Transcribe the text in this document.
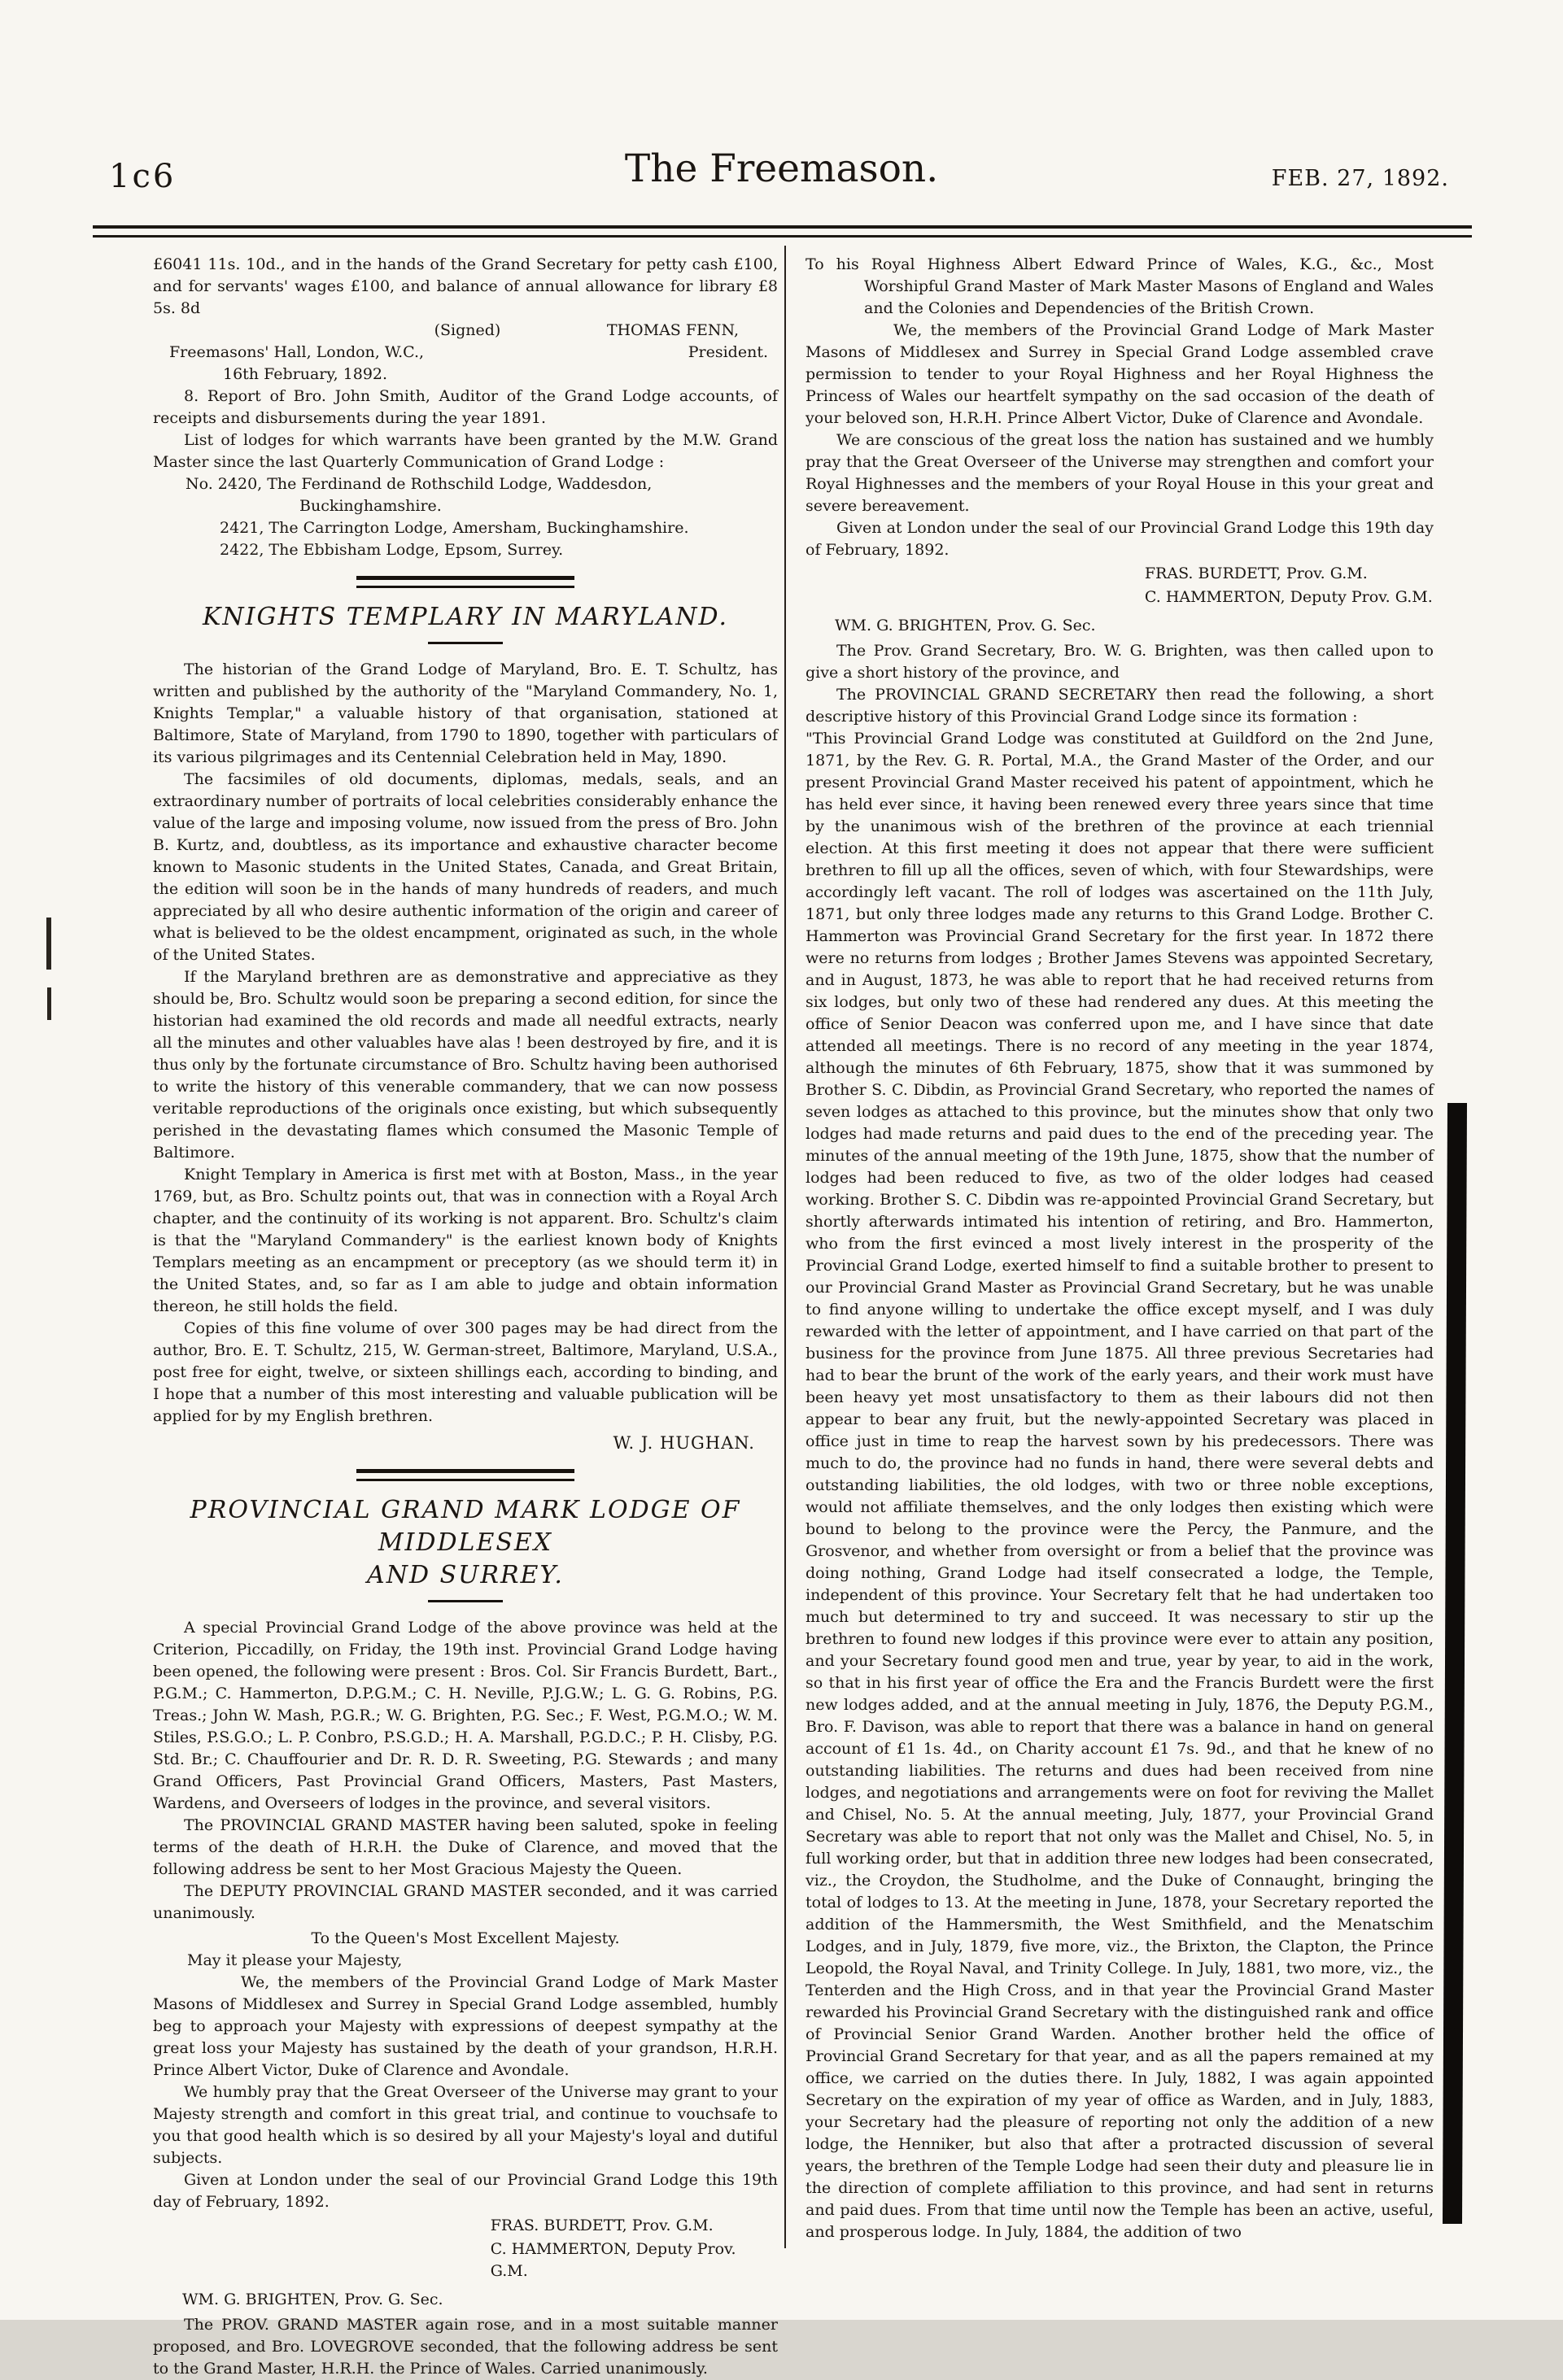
1c6	The Freemason.	FEB. 27, 1892.

£6041 11s. 10d., and in the hands of the Grand Secretary for petty cash £100, and for servants' wages £100, and balance of annual allowance for library £8 5s. 8d

(Signed)	THOMAS FENN,
Freemasons' Hall, London, W.C.,	President.

16th February, 1892.

8. Report of Bro. John Smith, Auditor of the Grand Lodge accounts, of receipts and disbursements during the year 1891.

List of lodges for which warrants have been granted by the M.W. Grand Master since the last Quarterly Communication of Grand Lodge :

No. 2420, The Ferdinand de Rothschild Lodge, Waddesdon, Buckinghamshire.

2421, The Carrington Lodge, Amersham, Buckinghamshire.

2422, The Ebbisham Lodge, Epsom, Surrey.

KNIGHTS TEMPLARY IN MARYLAND.

The historian of the Grand Lodge of Maryland, Bro. E. T. Schultz, has written and published by the authority of the "Maryland Commandery, No. 1, Knights Templar," a valuable history of that organisation, stationed at Baltimore, State of Maryland, from 1790 to 1890, together with particulars of its various pilgrimages and its Centennial Celebration held in May, 1890.

The facsimiles of old documents, diplomas, medals, seals, and an extraordinary number of portraits of local celebrities considerably enhance the value of the large and imposing volume, now issued from the press of Bro. John B. Kurtz, and, doubtless, as its importance and exhaustive character become known to Masonic students in the United States, Canada, and Great Britain, the edition will soon be in the hands of many hundreds of readers, and much appreciated by all who desire authentic information of the origin and career of what is believed to be the oldest encampment, originated as such, in the whole of the United States.

If the Maryland brethren are as demonstrative and appreciative as they should be, Bro. Schultz would soon be preparing a second edition, for since the historian had examined the old records and made all needful extracts, nearly all the minutes and other valuables have alas ! been destroyed by fire, and it is thus only by the fortunate circumstance of Bro. Schultz having been authorised to write the history of this venerable commandery, that we can now possess veritable reproductions of the originals once existing, but which subsequently perished in the devastating flames which consumed the Masonic Temple of Baltimore.

Knight Templary in America is first met with at Boston, Mass., in the year 1769, but, as Bro. Schultz points out, that was in connection with a Royal Arch chapter, and the continuity of its working is not apparent. Bro. Schultz's claim is that the "Maryland Commandery" is the earliest known body of Knights Templars meeting as an encampment or preceptory (as we should term it) in the United States, and, so far as I am able to judge and obtain information thereon, he still holds the field.

Copies of this fine volume of over 300 pages may be had direct from the author, Bro. E. T. Schultz, 215, W. German-street, Baltimore, Maryland, U.S.A., post free for eight, twelve, or sixteen shillings each, according to binding, and I hope that a number of this most interesting and valuable publication will be applied for by my English brethren.

W. J. HUGHAN.

PROVINCIAL GRAND MARK LODGE OF MIDDLESEX
AND SURREY.

A special Provincial Grand Lodge of the above province was held at the Criterion, Piccadilly, on Friday, the 19th inst. Provincial Grand Lodge having been opened, the following were present : Bros. Col. Sir Francis Burdett, Bart., P.G.M.; C. Hammerton, D.P.G.M.; C. H. Neville, P.J.G.W.; L. G. G. Robins, P.G. Treas.; John W. Mash, P.G.R.; W. G. Brighten, P.G. Sec.; F. West, P.G.M.O.; W. M. Stiles, P.S.G.O.; L. P. Conbro, P.S.G.D.; H. A. Marshall, P.G.D.C.; P. H. Clisby, P.G. Std. Br.; C. Chauffourier and Dr. R. D. R. Sweeting, P.G. Stewards ; and many Grand Officers, Past Provincial Grand Officers, Masters, Past Masters, Wardens, and Overseers of lodges in the province, and several visitors.

The PROVINCIAL GRAND MASTER having been saluted, spoke in feeling terms of the death of H.R.H. the Duke of Clarence, and moved that the following address be sent to her Most Gracious Majesty the Queen.

The DEPUTY PROVINCIAL GRAND MASTER seconded, and it was carried unanimously.

To the Queen's Most Excellent Majesty.

May it please your Majesty,

We, the members of the Provincial Grand Lodge of Mark Master Masons of Middlesex and Surrey in Special Grand Lodge assembled, humbly beg to approach your Majesty with expressions of deepest sympathy at the great loss your Majesty has sustained by the death of your grandson, H.R.H. Prince Albert Victor, Duke of Clarence and Avondale.

We humbly pray that the Great Overseer of the Universe may grant to your Majesty strength and comfort in this great trial, and continue to vouchsafe to you that good health which is so desired by all your Majesty's loyal and dutiful subjects.

Given at London under the seal of our Provincial Grand Lodge this 19th day of February, 1892.

FRAS. BURDETT, Prov. G.M.

C. HAMMERTON, Deputy Prov. G.M.

WM. G. BRIGHTEN, Prov. G. Sec.

The PROV. GRAND MASTER again rose, and in a most suitable manner proposed, and Bro. LOVEGROVE seconded, that the following address be sent to the Grand Master, H.R.H. the Prince of Wales. Carried unanimously.

To his Royal Highness Albert Edward Prince of Wales, K.G., &c., Most Worshipful Grand Master of Mark Master Masons of England and Wales and the Colonies and Dependencies of the British Crown.

We, the members of the Provincial Grand Lodge of Mark Master Masons of Middlesex and Surrey in Special Grand Lodge assembled crave permission to tender to your Royal Highness and her Royal Highness the Princess of Wales our heartfelt sympathy on the sad occasion of the death of your beloved son, H.R.H. Prince Albert Victor, Duke of Clarence and Avondale.

We are conscious of the great loss the nation has sustained and we humbly pray that the Great Overseer of the Universe may strengthen and comfort your Royal Highnesses and the members of your Royal House in this your great and severe bereavement.

Given at London under the seal of our Provincial Grand Lodge this 19th day of February, 1892.

FRAS. BURDETT, Prov. G.M.

C. HAMMERTON, Deputy Prov. G.M.

WM. G. BRIGHTEN, Prov. G. Sec.

The Prov. Grand Secretary, Bro. W. G. Brighten, was then called upon to give a short history of the province, and

The PROVINCIAL GRAND SECRETARY then read the following, a short descriptive history of this Provincial Grand Lodge since its formation :

"This Provincial Grand Lodge was constituted at Guildford on the 2nd June, 1871, by the Rev. G. R. Portal, M.A., the Grand Master of the Order, and our present Provincial Grand Master received his patent of appointment, which he has held ever since, it having been renewed every three years since that time by the unanimous wish of the brethren of the province at each triennial election. At this first meeting it does not appear that there were sufficient brethren to fill up all the offices, seven of which, with four Stewardships, were accordingly left vacant. The roll of lodges was ascertained on the 11th July, 1871, but only three lodges made any returns to this Grand Lodge. Brother C. Hammerton was Provincial Grand Secretary for the first year. In 1872 there were no returns from lodges ; Brother James Stevens was appointed Secretary, and in August, 1873, he was able to report that he had received returns from six lodges, but only two of these had rendered any dues. At this meeting the office of Senior Deacon was conferred upon me, and I have since that date attended all meetings. There is no record of any meeting in the year 1874, although the minutes of 6th February, 1875, show that it was summoned by Brother S. C. Dibdin, as Provincial Grand Secretary, who reported the names of seven lodges as attached to this province, but the minutes show that only two lodges had made returns and paid dues to the end of the preceding year. The minutes of the annual meeting of the 19th June, 1875, show that the number of lodges had been reduced to five, as two of the older lodges had ceased working. Brother S. C. Dibdin was re-appointed Provincial Grand Secretary, but shortly afterwards intimated his intention of retiring, and Bro. Hammerton, who from the first evinced a most lively interest in the prosperity of the Provincial Grand Lodge, exerted himself to find a suitable brother to present to our Provincial Grand Master as Provincial Grand Secretary, but he was unable to find anyone willing to undertake the office except myself, and I was duly rewarded with the letter of appointment, and I have carried on that part of the business for the province from June 1875. All three previous Secretaries had had to bear the brunt of the work of the early years, and their work must have been heavy yet most unsatisfactory to them as their labours did not then appear to bear any fruit, but the newly-appointed Secretary was placed in office just in time to reap the harvest sown by his predecessors. There was much to do, the province had no funds in hand, there were several debts and outstanding liabilities, the old lodges, with two or three noble exceptions, would not affiliate themselves, and the only lodges then existing which were bound to belong to the province were the Percy, the Panmure, and the Grosvenor, and whether from oversight or from a belief that the province was doing nothing, Grand Lodge had itself consecrated a lodge, the Temple, independent of this province. Your Secretary felt that he had undertaken too much but determined to try and succeed. It was necessary to stir up the brethren to found new lodges if this province were ever to attain any position, and your Secretary found good men and true, year by year, to aid in the work, so that in his first year of office the Era and the Francis Burdett were the first new lodges added, and at the annual meeting in July, 1876, the Deputy P.G.M., Bro. F. Davison, was able to report that there was a balance in hand on general account of £1 1s. 4d., on Charity account £1 7s. 9d., and that he knew of no outstanding liabilities. The returns and dues had been received from nine lodges, and negotiations and arrangements were on foot for reviving the Mallet and Chisel, No. 5. At the annual meeting, July, 1877, your Provincial Grand Secretary was able to report that not only was the Mallet and Chisel, No. 5, in full working order, but that in addition three new lodges had been consecrated, viz., the Croydon, the Studholme, and the Duke of Connaught, bringing the total of lodges to 13. At the meeting in June, 1878, your Secretary reported the addition of the Hammersmith, the West Smithfield, and the Menatschim Lodges, and in July, 1879, five more, viz., the Brixton, the Clapton, the Prince Leopold, the Royal Naval, and Trinity College. In July, 1881, two more, viz., the Tenterden and the High Cross, and in that year the Provincial Grand Master rewarded his Provincial Grand Secretary with the distinguished rank and office of Provincial Senior Grand Warden. Another brother held the office of Provincial Grand Secretary for that year, and as all the papers remained at my office, we carried on the duties there. In July, 1882, I was again appointed Secretary on the expiration of my year of office as Warden, and in July, 1883, your Secretary had the pleasure of reporting not only the addition of a new lodge, the Henniker, but also that after a protracted discussion of several years, the brethren of the Temple Lodge had seen their duty and pleasure lie in the direction of complete affiliation to this province, and had sent in returns and paid dues. From that time until now the Temple has been an active, useful, and prosperous lodge. In July, 1884, the addition of two
